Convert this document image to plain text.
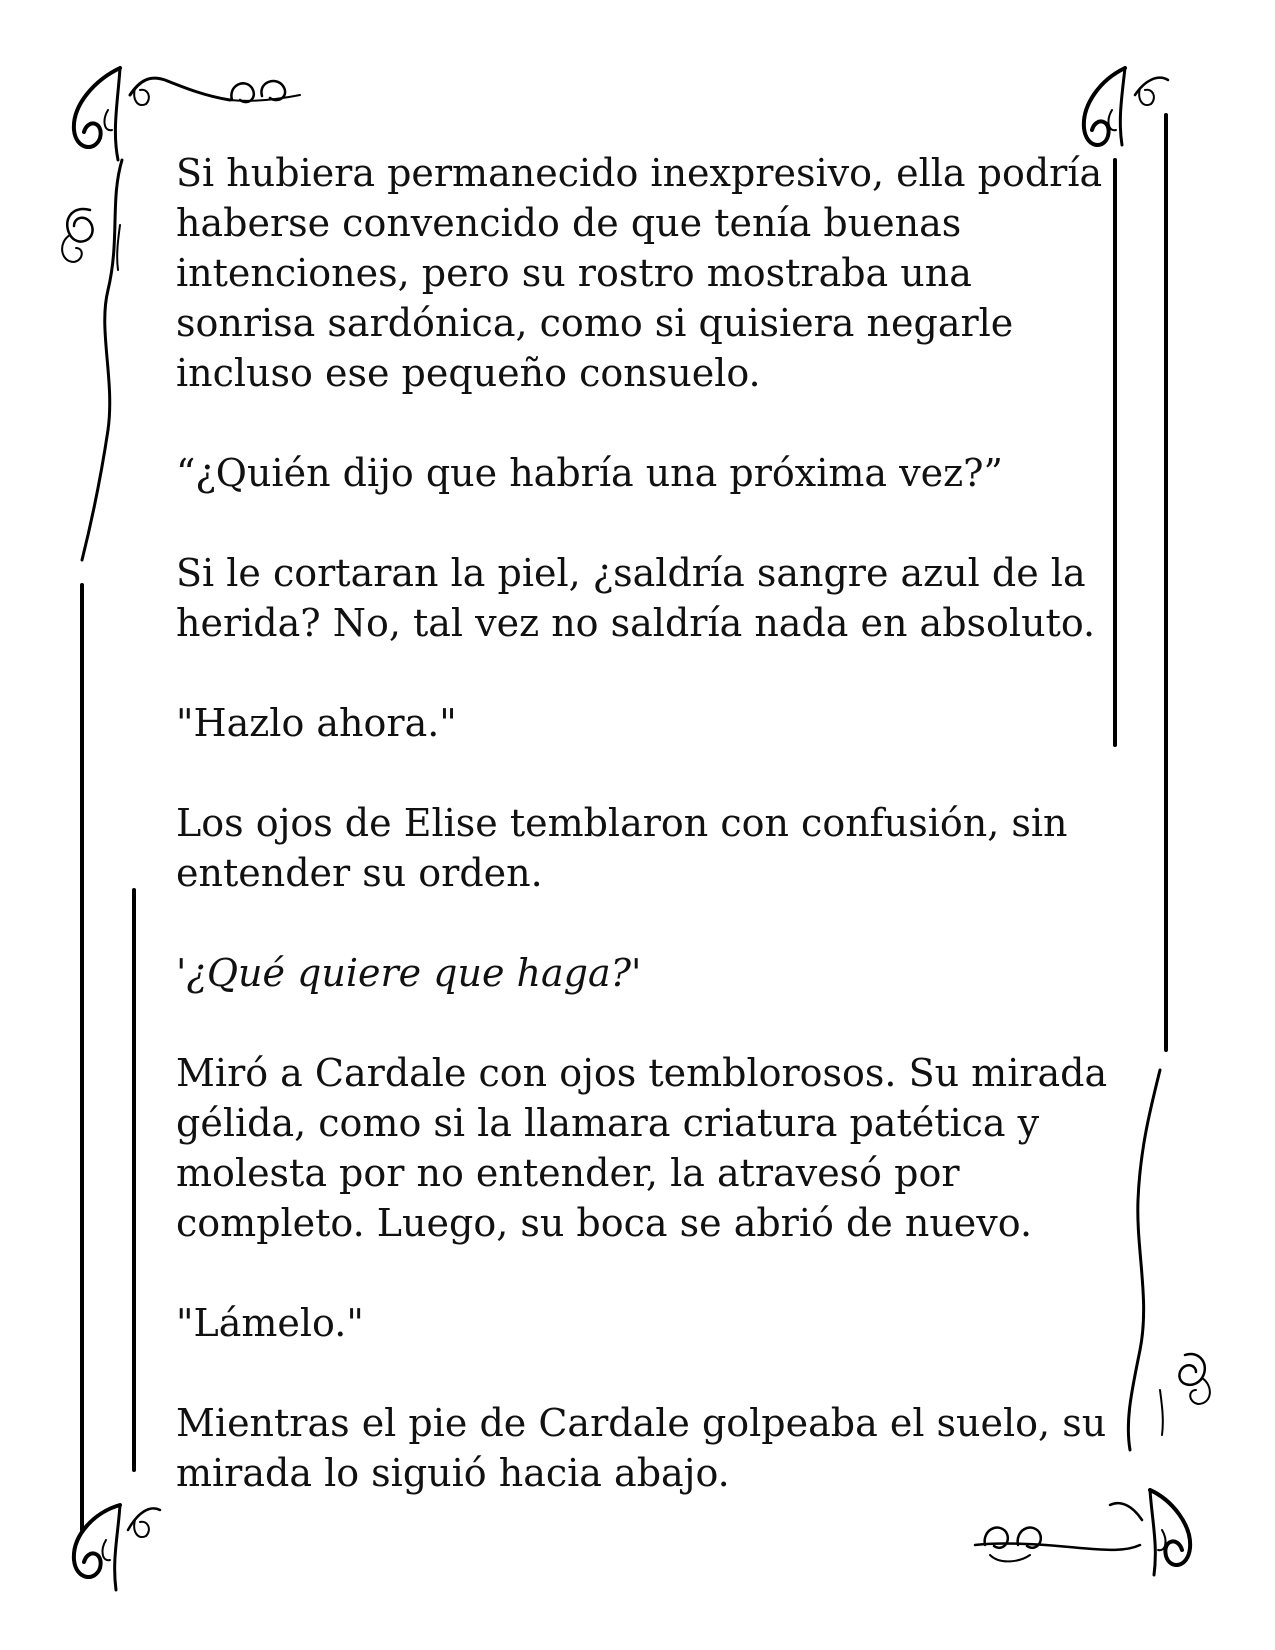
Si hubiera permanecido inexpresivo, ella podría
haberse convencido de que tenía buenas
intenciones, pero su rostro mostraba una
sonrisa sardónica, como si quisiera negarle
incluso ese pequeño consuelo.

“¿Quién dijo que habría una próxima vez?”

Si le cortaran la piel, ¿saldría sangre azul de la
herida? No, tal vez no saldría nada en absoluto.

"Hazlo ahora."

Los ojos de Elise temblaron con confusión, sin
entender su orden.

'¿Qué quiere que haga?'

Miró a Cardale con ojos temblorosos. Su mirada
gélida, como si la llamara criatura patética y
molesta por no entender, la atravesó por
completo. Luego, su boca se abrió de nuevo.

"Lámelo."

Mientras el pie de Cardale golpeaba el suelo, su
mirada lo siguió hacia abajo.
